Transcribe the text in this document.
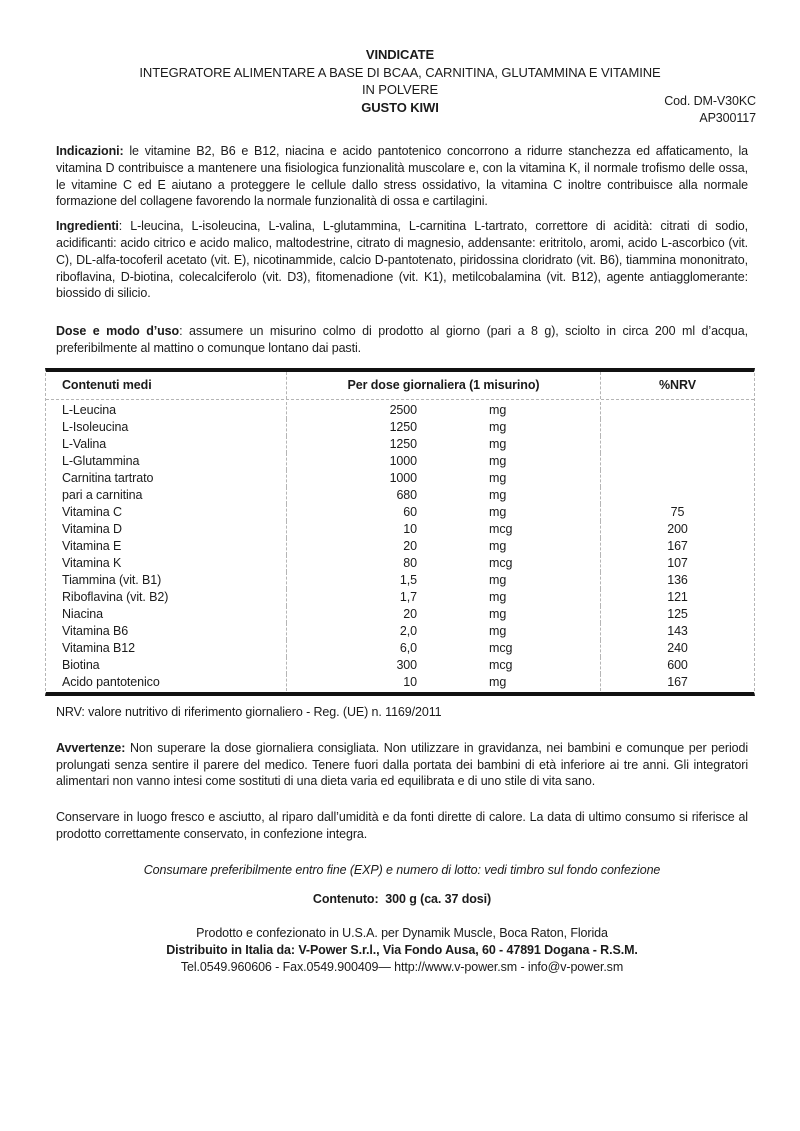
VINDICATE
INTEGRATORE ALIMENTARE A BASE DI BCAA, CARNITINA, GLUTAMMINA E VITAMINE
IN POLVERE
GUSTO KIWI	Cod. DM-V30KC
AP300117

Indicazioni: le vitamine B2, B6 e B12, niacina e acido pantotenico concorrono a ridurre stanchezza ed affaticamento, la vitamina D contribuisce a mantenere una fisiologica funzionalità muscolare e, con la vitamina K, il normale trofismo delle ossa, le vitamine C ed E aiutano a proteggere le cellule dallo stress ossidativo, la vitamina C inoltre contribuisce alla normale formazione del collagene favorendo la normale funzionalità di ossa e cartilagini.

Ingredienti: L-leucina, L-isoleucina, L-valina, L-glutammina, L-carnitina L-tartrato, correttore di acidità: citrati di sodio, acidificanti: acido citrico e acido malico, maltodestrine, citrato di magnesio, addensante: eritritolo, aromi, acido L-ascorbico (vit. C), DL-alfa-tocoferil acetato (vit. E), nicotinammide, calcio D-pantotenato, piridossina cloridrato (vit. B6), tiammina mononitrato, riboflavina, D-biotina, colecalciferolo (vit. D3), fitomenadione (vit. K1), metilcobalamina (vit. B12), agente antiagglomerante: biossido di silicio.

Dose e modo d’uso: assumere un misurino colmo di prodotto al giorno (pari a 8 g), sciolto in circa 200 ml d’acqua, preferibilmente al mattino o comunque lontano dai pasti.

Contenuti medi	Per dose giornaliera (1 misurino)	%NRV
L-Leucina	2500	mg
L-Isoleucina	1250	mg
L-Valina	1250	mg
L-Glutammina	1000	mg
Carnitina tartrato	1000	mg
pari a carnitina	680	mg
Vitamina C	60	mg	75
Vitamina D	10	mcg	200
Vitamina E	20	mg	167
Vitamina K	80	mcg	107
Tiammina (vit. B1)	1,5	mg	136
Riboflavina (vit. B2)	1,7	mg	121
Niacina	20	mg	125
Vitamina B6	2,0	mg	143
Vitamina B12	6,0	mcg	240
Biotina	300	mcg	600
Acido pantotenico	10	mg	167

NRV: valore nutritivo di riferimento giornaliero - Reg. (UE) n. 1169/2011

Avvertenze: Non superare la dose giornaliera consigliata. Non utilizzare in gravidanza, nei bambini e comunque per periodi prolungati senza sentire il parere del medico. Tenere fuori dalla portata dei bambini di età inferiore ai tre anni. Gli integratori alimentari non vanno intesi come sostituti di una dieta varia ed equilibrata e di uno stile di vita sano.

Conservare in luogo fresco e asciutto, al riparo dall’umidità e da fonti dirette di calore. La data di ultimo consumo si riferisce al prodotto correttamente conservato, in confezione integra.

Consumare preferibilmente entro fine (EXP) e numero di lotto: vedi timbro sul fondo confezione

Contenuto: 300 g (ca. 37 dosi)

Prodotto e confezionato in U.S.A. per Dynamik Muscle, Boca Raton, Florida
Distribuito in Italia da: V-Power S.r.l., Via Fondo Ausa, 60 - 47891 Dogana - R.S.M.
Tel.0549.960606 - Fax.0549.900409— http://www.v-power.sm - info@v-power.sm
